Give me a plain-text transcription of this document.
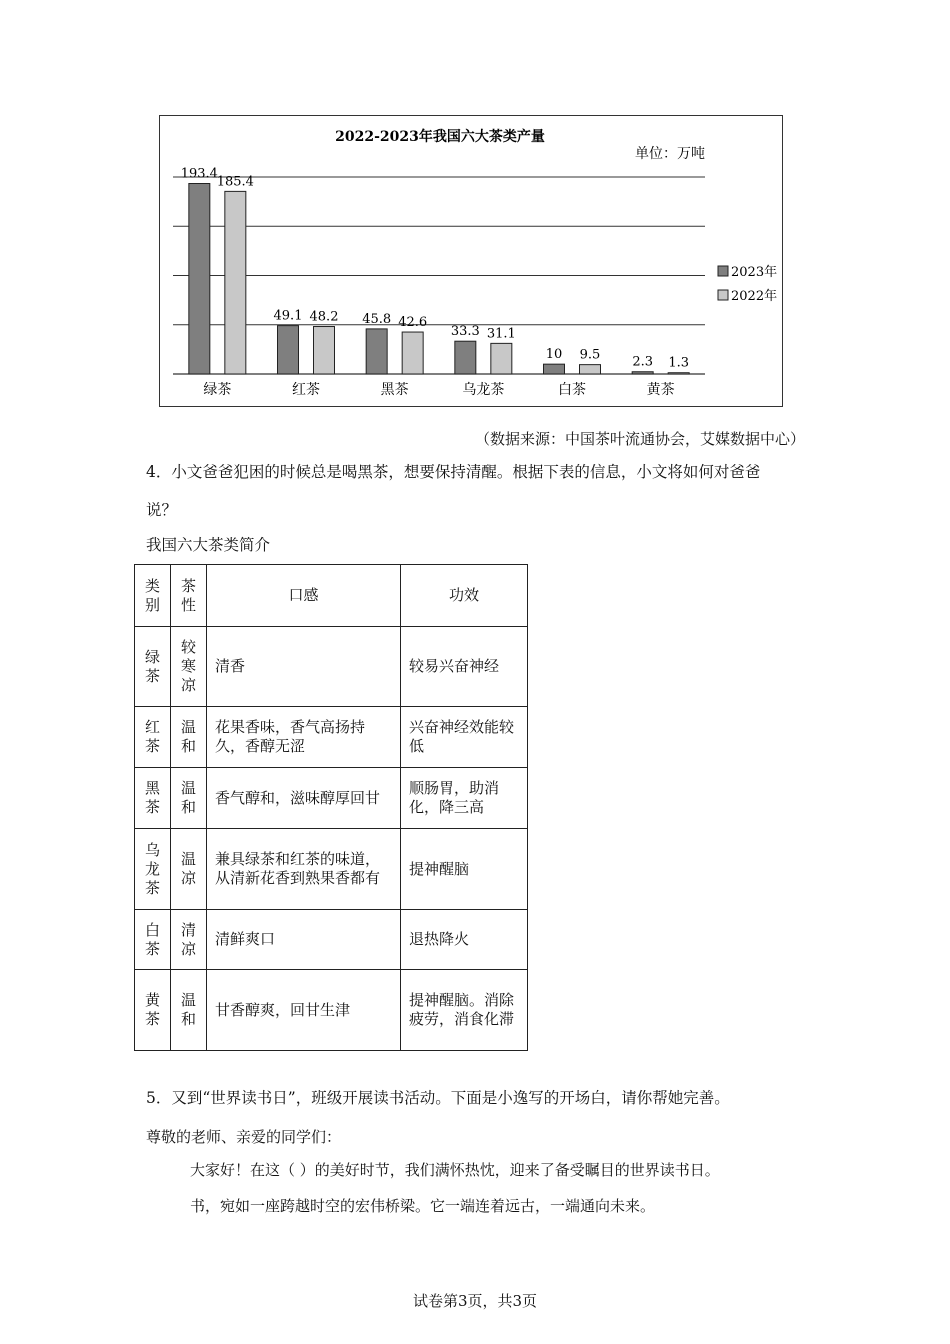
2022-2023年我国六大茶类产量
单位：万吨
193.4
185.4
绿茶
49.1 48.2
红茶
45.8 42.6
黑茶
33.3 31.1
乌龙茶
10 9.5
白茶
2.3 1.3
黄茶
2023年
2022年
（数据来源：中国茶叶流通协会，艾媒数据中心）
4．小文爸爸犯困的时候总是喝黑茶，想要保持清醒。根据下表的信息，小文将如何对爸爸
说？
我国六大茶类简介
类别	茶性	口感	功效
绿茶	较寒凉	清香	较易兴奋神经
红茶	温和	花果香味，香气高扬持久，香醇无涩	兴奋神经效能较低
黑茶	温和	香气醇和，滋味醇厚回甘	顺肠胃，助消化，降三高
乌龙茶	温凉	兼具绿茶和红茶的味道，从清新花香到熟果香都有	提神醒脑
白茶	清凉	清鲜爽口	退热降火
黄茶	温和	甘香醇爽，回甘生津	提神醒脑。消除疲劳，消食化滞
5．又到“世界读书日”，班级开展读书活动。下面是小逸写的开场白，请你帮她完善。
尊敬的老师、亲爱的同学们：
大家好！在这（ ）的美好时节，我们满怀热忱，迎来了备受瞩目的世界读书日。
书，宛如一座跨越时空的宏伟桥梁。它一端连着远古，一端通向未来。
试卷第3页，共3页
